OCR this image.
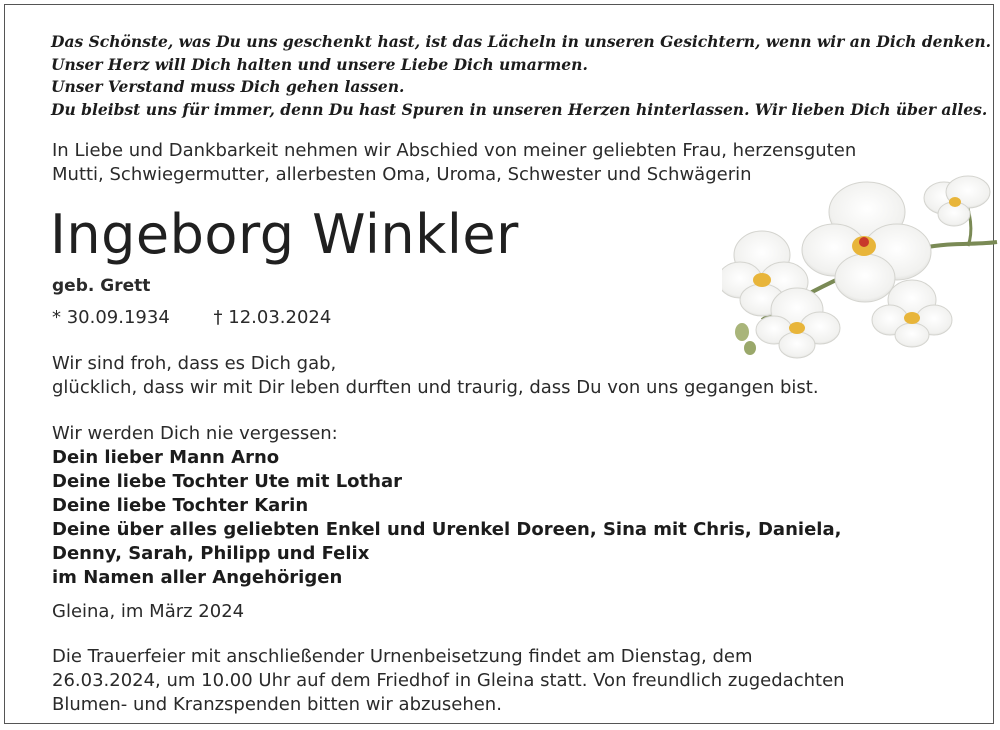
Das Schönste, was Du uns geschenkt hast, ist das Lächeln in unseren Gesichtern, wenn wir an Dich denken.
Unser Herz will Dich halten und unsere Liebe Dich umarmen.
Unser Verstand muss Dich gehen lassen.
Du bleibst uns für immer, denn Du hast Spuren in unseren Herzen hinterlassen. Wir lieben Dich über alles.
In Liebe und Dankbarkeit nehmen wir Abschied von meiner geliebten Frau, herzensguten
Mutti, Schwiegermutter, allerbesten Oma, Uroma, Schwester und Schwägerin
Ingeborg Winkler
geb. Grett
* 30.09.1934 † 12.03.2024
Wir sind froh, dass es Dich gab,
glücklich, dass wir mit Dir leben durften und traurig, dass Du von uns gegangen bist.
Wir werden Dich nie vergessen:
Dein lieber Mann Arno
Deine liebe Tochter Ute mit Lothar
Deine liebe Tochter Karin
Deine über alles geliebten Enkel und Urenkel Doreen, Sina mit Chris, Daniela,
Denny, Sarah, Philipp und Felix
im Namen aller Angehörigen
Gleina, im März 2024
Die Trauerfeier mit anschließender Urnenbeisetzung findet am Dienstag, dem
26.03.2024, um 10.00 Uhr auf dem Friedhof in Gleina statt. Von freundlich zugedachten
Blumen- und Kranzspenden bitten wir abzusehen.
